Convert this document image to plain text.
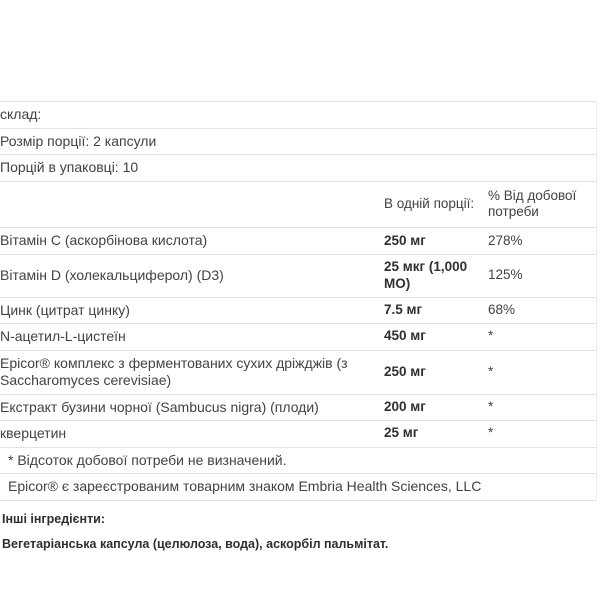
склад:		
Розмір порції: 2 капсули		
Порцій в упаковці: 10		
	В одній порції:	% Від добової потреби
Вітамін C (аскорбінова кислота)	250 мг	278%
Вітамін D (холекальциферол) (D3)	25 мкг (1,000 МО)	125%
Цинк (цитрат цинку)	7.5 мг	68%
N-ацетил-L-цистеїн	450 мг	*
Epicor® комплекс з ферментованих сухих дріжджів (з Saccharomyces cerevisiae)	250 мг	*
Екстракт бузини чорної (Sambucus nigra) (плоди)	200 мг	*
кверцетин	25 мг	*
* Відсоток добової потреби не визначений.		
Epicor® є зареєстрованим товарним знаком Embria Health Sciences, LLC		
Інші інгредієнти:
Вегетаріанська капсула (целюлоза, вода), аскорбіл пальмітат.
